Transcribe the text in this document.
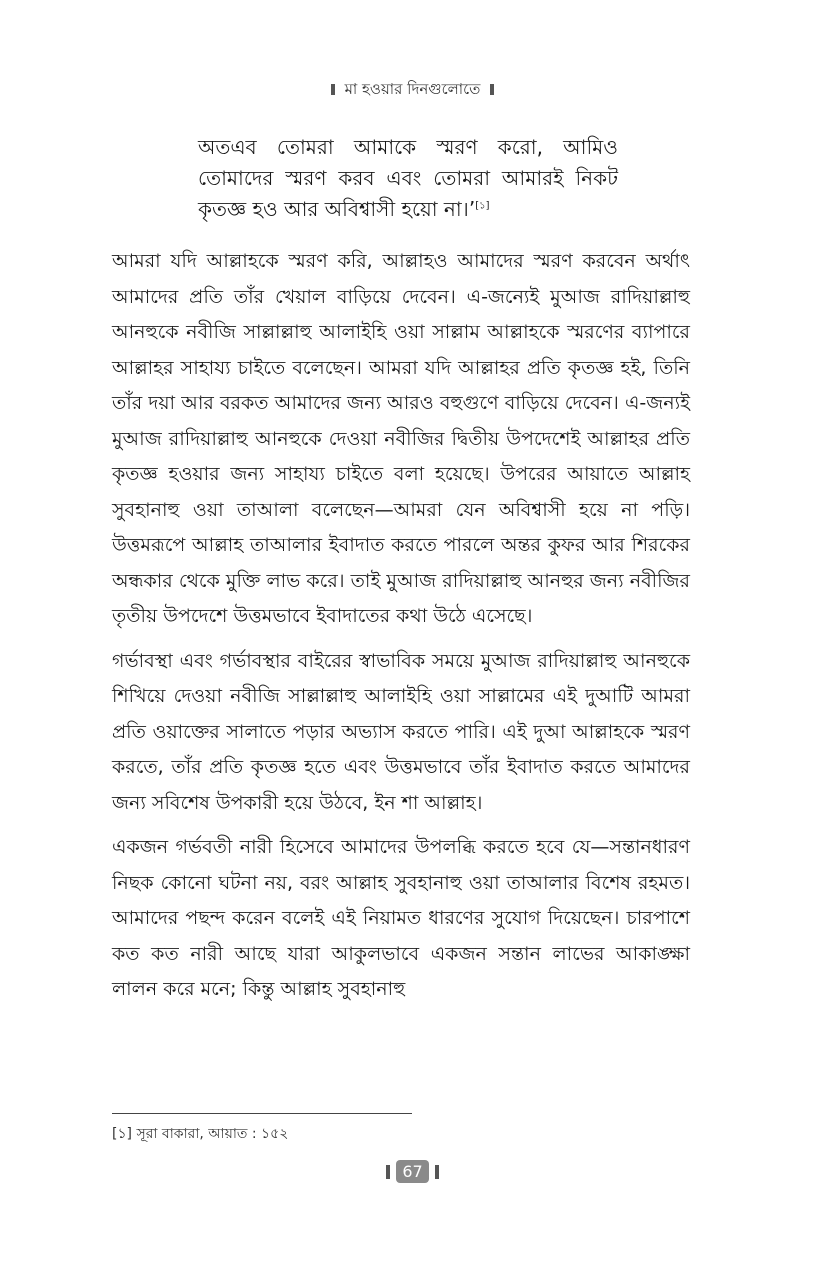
মা হওয়ার দিনগুলোতে

অতএব তোমরা আমাকে স্মরণ করো, আমিও

তোমাদের স্মরণ করব এবং তোমরা আমারই নিকট

কৃতজ্ঞ হও আর অবিশ্বাসী হয়ো না।’[১]

আমরা যদি আল্লাহকে স্মরণ করি, আল্লাহও আমাদের স্মরণ করবেন অর্থাৎ আমাদের প্রতি তাঁর খেয়াল বাড়িয়ে দেবেন। এ-জন্যেই মুআজ রাদিয়াল্লাহু আনহুকে নবীজি সাল্লাল্লাহু আলাইহি ওয়া সাল্লাম আল্লাহকে স্মরণের ব্যাপারে আল্লাহর সাহায্য চাইতে বলেছেন। আমরা যদি আল্লাহর প্রতি কৃতজ্ঞ হই, তিনি তাঁর দয়া আর বরকত আমাদের জন্য আরও বহুগুণে বাড়িয়ে দেবেন। এ-জন্যই মুআজ রাদিয়াল্লাহু আনহুকে দেওয়া নবীজির দ্বিতীয় উপদেশেই আল্লাহর প্রতি কৃতজ্ঞ হওয়ার জন্য সাহায্য চাইতে বলা হয়েছে। উপরের আয়াতে আল্লাহ সুবহানাহু ওয়া তাআলা বলেছেন—আমরা যেন অবিশ্বাসী হয়ে না পড়ি। উত্তমরূপে আল্লাহ তাআলার ইবাদাত করতে পারলে অন্তর কুফর আর শিরকের অন্ধকার থেকে মুক্তি লাভ করে। তাই মুআজ রাদিয়াল্লাহু আনহুর জন্য নবীজির তৃতীয় উপদেশে উত্তমভাবে ইবাদাতের কথা উঠে এসেছে।

গর্ভাবস্থা এবং গর্ভাবস্থার বাইরের স্বাভাবিক সময়ে মুআজ রাদিয়াল্লাহু আনহুকে শিখিয়ে দেওয়া নবীজি সাল্লাল্লাহু আলাইহি ওয়া সাল্লামের এই দুআটি আমরা প্রতি ওয়াক্তের সালাতে পড়ার অভ্যাস করতে পারি। এই দুআ আল্লাহকে স্মরণ করতে, তাঁর প্রতি কৃতজ্ঞ হতে এবং উত্তমভাবে তাঁর ইবাদাত করতে আমাদের জন্য সবিশেষ উপকারী হয়ে উঠবে, ইন শা আল্লাহ।

একজন গর্ভবতী নারী হিসেবে আমাদের উপলব্ধি করতে হবে যে—সন্তানধারণ নিছক কোনো ঘটনা নয়, বরং আল্লাহ সুবহানাহু ওয়া তাআলার বিশেষ রহমত। আমাদের পছন্দ করেন বলেই এই নিয়ামত ধারণের সুযোগ দিয়েছেন। চারপাশে কত কত নারী আছে যারা আকুলভাবে একজন সন্তান লাভের আকাঙ্ক্ষা লালন করে মনে; কিন্তু আল্লাহ সুবহানাহু

[১] সূরা বাকারা, আয়াত : ১৫২
67
